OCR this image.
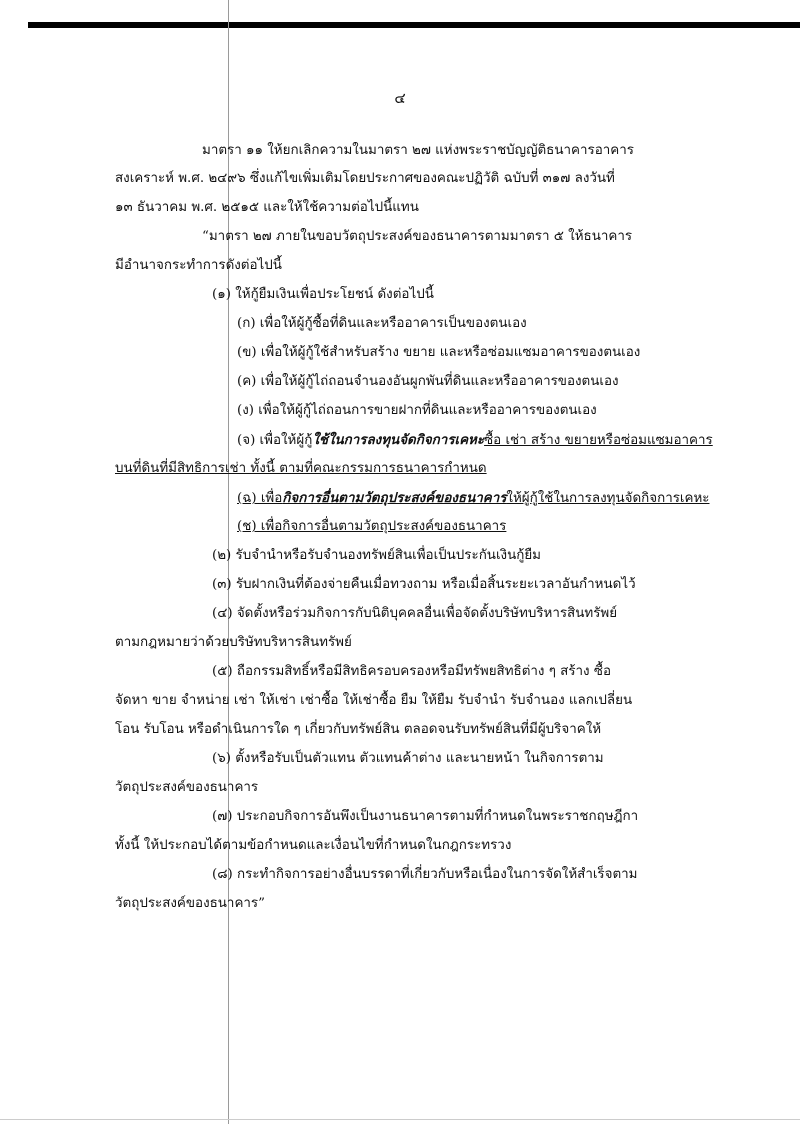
๔
มาตรา ๑๑ ให้ยกเลิกความในมาตรา ๒๗ แห่งพระราชบัญญัติธนาคารอาคาร
สงเคราะห์ พ.ศ. ๒๔๙๖ ซึ่งแก้ไขเพิ่มเติมโดยประกาศของคณะปฏิวัติ ฉบับที่ ๓๑๗ ลงวันที่
๑๓ ธันวาคม พ.ศ. ๒๕๑๕ และให้ใช้ความต่อไปนี้แทน
“มาตรา ๒๗ ภายในขอบวัตถุประสงค์ของธนาคารตามมาตรา ๕ ให้ธนาคาร
มีอำนาจกระทำการดังต่อไปนี้
(๑) ให้กู้ยืมเงินเพื่อประโยชน์ ดังต่อไปนี้
(ก) เพื่อให้ผู้กู้ซื้อที่ดินและหรืออาคารเป็นของตนเอง
(ข) เพื่อให้ผู้กู้ใช้สำหรับสร้าง ขยาย และหรือซ่อมแซมอาคารของตนเอง
(ค) เพื่อให้ผู้กู้ไถ่ถอนจำนองอันผูกพันที่ดินและหรืออาคารของตนเอง
(ง) เพื่อให้ผู้กู้ไถ่ถอนการขายฝากที่ดินและหรืออาคารของตนเอง
(จ) เพื่อให้ผู้กู้ใช้ในการลงทุนจัดกิจการเคหะซื้อ เช่า สร้าง ขยายหรือซ่อมแซมอาคาร
บนที่ดินที่มีสิทธิการเช่า ทั้งนี้ ตามที่คณะกรรมการธนาคารกำหนด
(ฉ) เพื่อกิจการอื่นตามวัตถุประสงค์ของธนาคารให้ผู้กู้ใช้ในการลงทุนจัดกิจการเคหะ
(ช) เพื่อกิจการอื่นตามวัตถุประสงค์ของธนาคาร
(๒) รับจำนำหรือรับจำนองทรัพย์สินเพื่อเป็นประกันเงินกู้ยืม
(๓) รับฝากเงินที่ต้องจ่ายคืนเมื่อทวงถาม หรือเมื่อสิ้นระยะเวลาอันกำหนดไว้
(๔) จัดตั้งหรือร่วมกิจการกับนิติบุคคลอื่นเพื่อจัดตั้งบริษัทบริหารสินทรัพย์
ตามกฎหมายว่าด้วยบริษัทบริหารสินทรัพย์
(๕) ถือกรรมสิทธิ์หรือมีสิทธิครอบครองหรือมีทรัพยสิทธิต่าง ๆ สร้าง ซื้อ
จัดหา ขาย จำหน่าย เช่า ให้เช่า เช่าซื้อ ให้เช่าซื้อ ยืม ให้ยืม รับจำนำ รับจำนอง แลกเปลี่ยน
โอน รับโอน หรือดำเนินการใด ๆ เกี่ยวกับทรัพย์สิน ตลอดจนรับทรัพย์สินที่มีผู้บริจาคให้
(๖) ตั้งหรือรับเป็นตัวแทน ตัวแทนค้าต่าง และนายหน้า ในกิจการตาม
วัตถุประสงค์ของธนาคาร
(๗) ประกอบกิจการอันพึงเป็นงานธนาคารตามที่กำหนดในพระราชกฤษฎีกา
ทั้งนี้ ให้ประกอบได้ตามข้อกำหนดและเงื่อนไขที่กำหนดในกฎกระทรวง
(๘) กระทำกิจการอย่างอื่นบรรดาที่เกี่ยวกับหรือเนื่องในการจัดให้สำเร็จตาม
วัตถุประสงค์ของธนาคาร”
